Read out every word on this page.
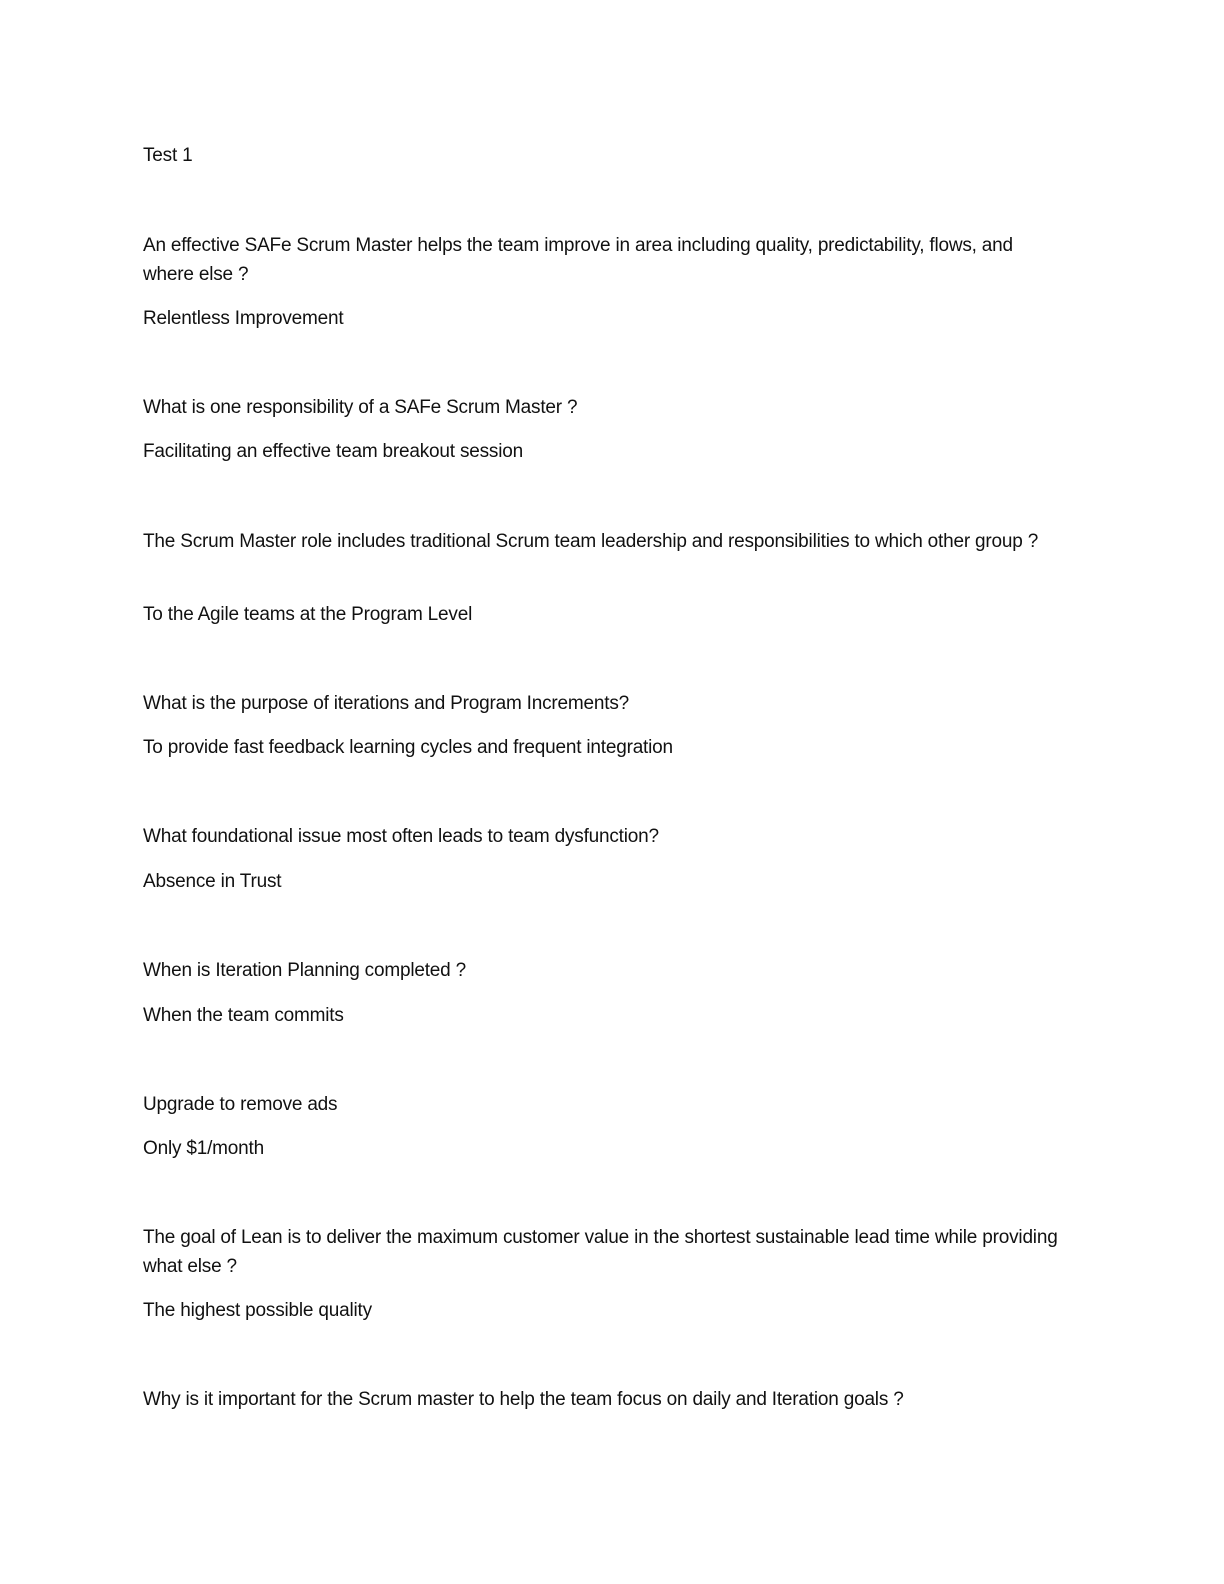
Test 1
An effective SAFe Scrum Master helps the team improve in area including quality, predictability, flows, and where else ?
Relentless Improvement
What is one responsibility of a SAFe Scrum Master ?
Facilitating an effective team breakout session
The Scrum Master role includes traditional Scrum team leadership and responsibilities to which other group ?
To the Agile teams at the Program Level
What is the purpose of iterations and Program Increments?
To provide fast feedback learning cycles and frequent integration
What foundational issue most often leads to team dysfunction?
Absence in Trust
When is Iteration Planning completed ?
When the team commits
Upgrade to remove ads
Only $1/month
The goal of Lean is to deliver the maximum customer value in the shortest sustainable lead time while providing what else ?
The highest possible quality
Why is it important for the Scrum master to help the team focus on daily and Iteration goals ?
